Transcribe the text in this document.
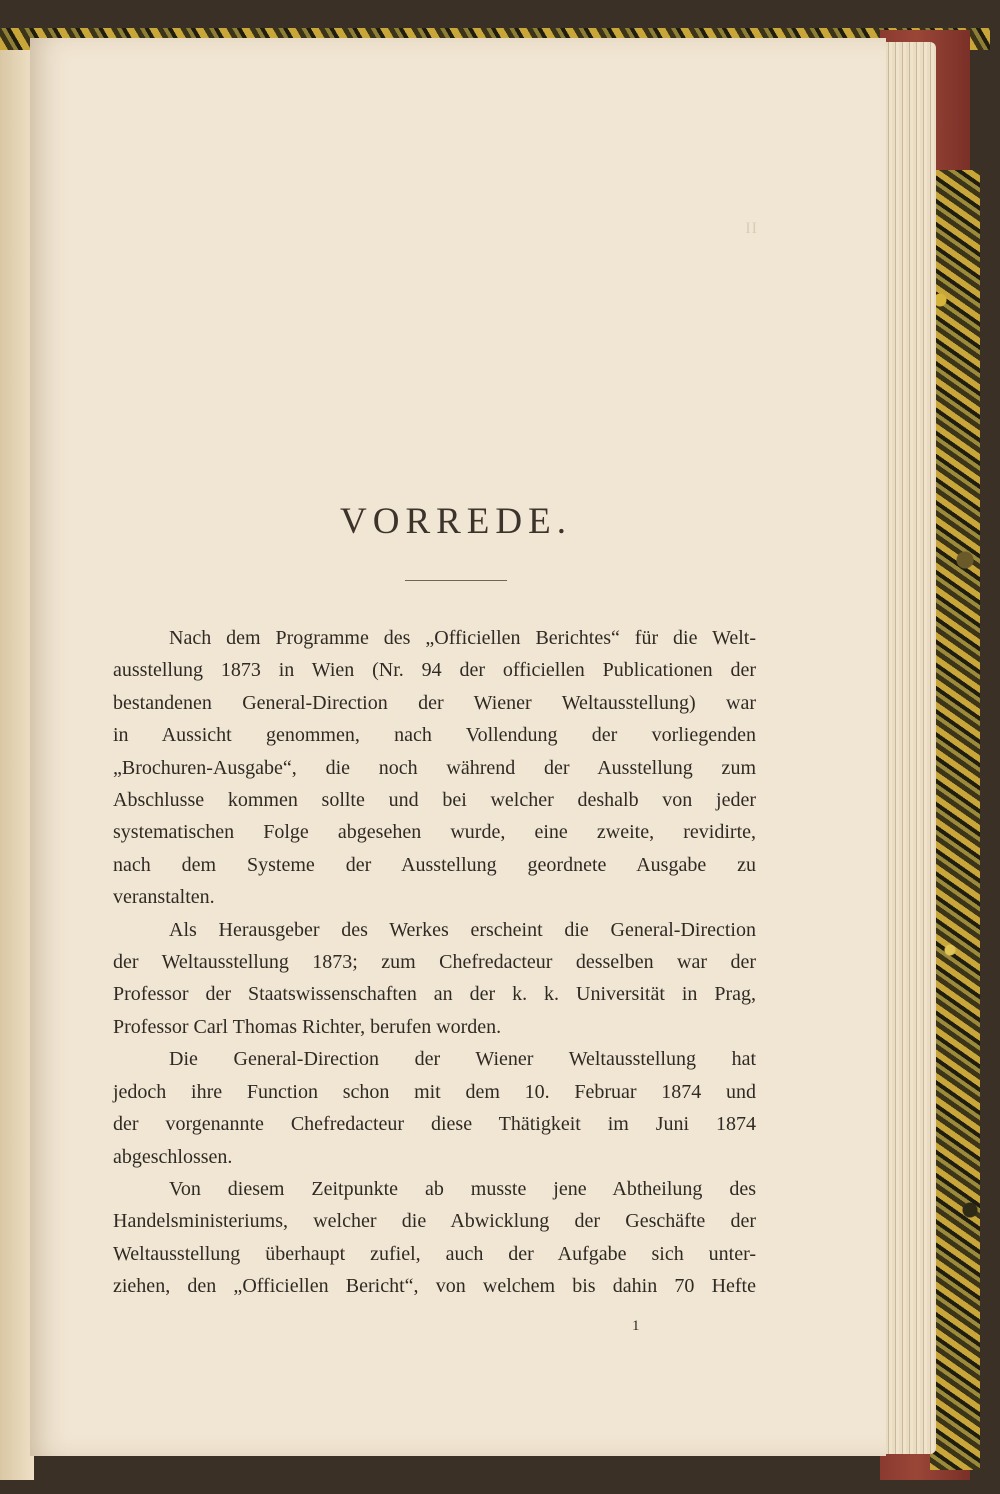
II
VORREDE.

Nach dem Programme des „Officiellen Berichtes“ für die Welt-
ausstellung 1873 in Wien (Nr. 94 der officiellen Publicationen der
bestandenen General-Direction der Wiener Weltausstellung) war
in Aussicht genommen, nach Vollendung der vorliegenden
„Brochuren-Ausgabe“, die noch während der Ausstellung zum
Abschlusse kommen sollte und bei welcher deshalb von jeder
systematischen Folge abgesehen wurde, eine zweite, revidirte,
nach dem Systeme der Ausstellung geordnete Ausgabe zu
veranstalten.

Als Herausgeber des Werkes erscheint die General-Direction
der Weltausstellung 1873; zum Chefredacteur desselben war der
Professor der Staatswissenschaften an der k. k. Universität in Prag,
Professor Carl Thomas Richter, berufen worden.

Die General-Direction der Wiener Weltausstellung hat
jedoch ihre Function schon mit dem 10. Februar 1874 und
der vorgenannte Chefredacteur diese Thätigkeit im Juni 1874
abgeschlossen.

Von diesem Zeitpunkte ab musste jene Abtheilung des
Handelsministeriums, welcher die Abwicklung der Geschäfte der
Weltausstellung überhaupt zufiel, auch der Aufgabe sich unter-
ziehen, den „Officiellen Bericht“, von welchem bis dahin 70 Hefte

1
